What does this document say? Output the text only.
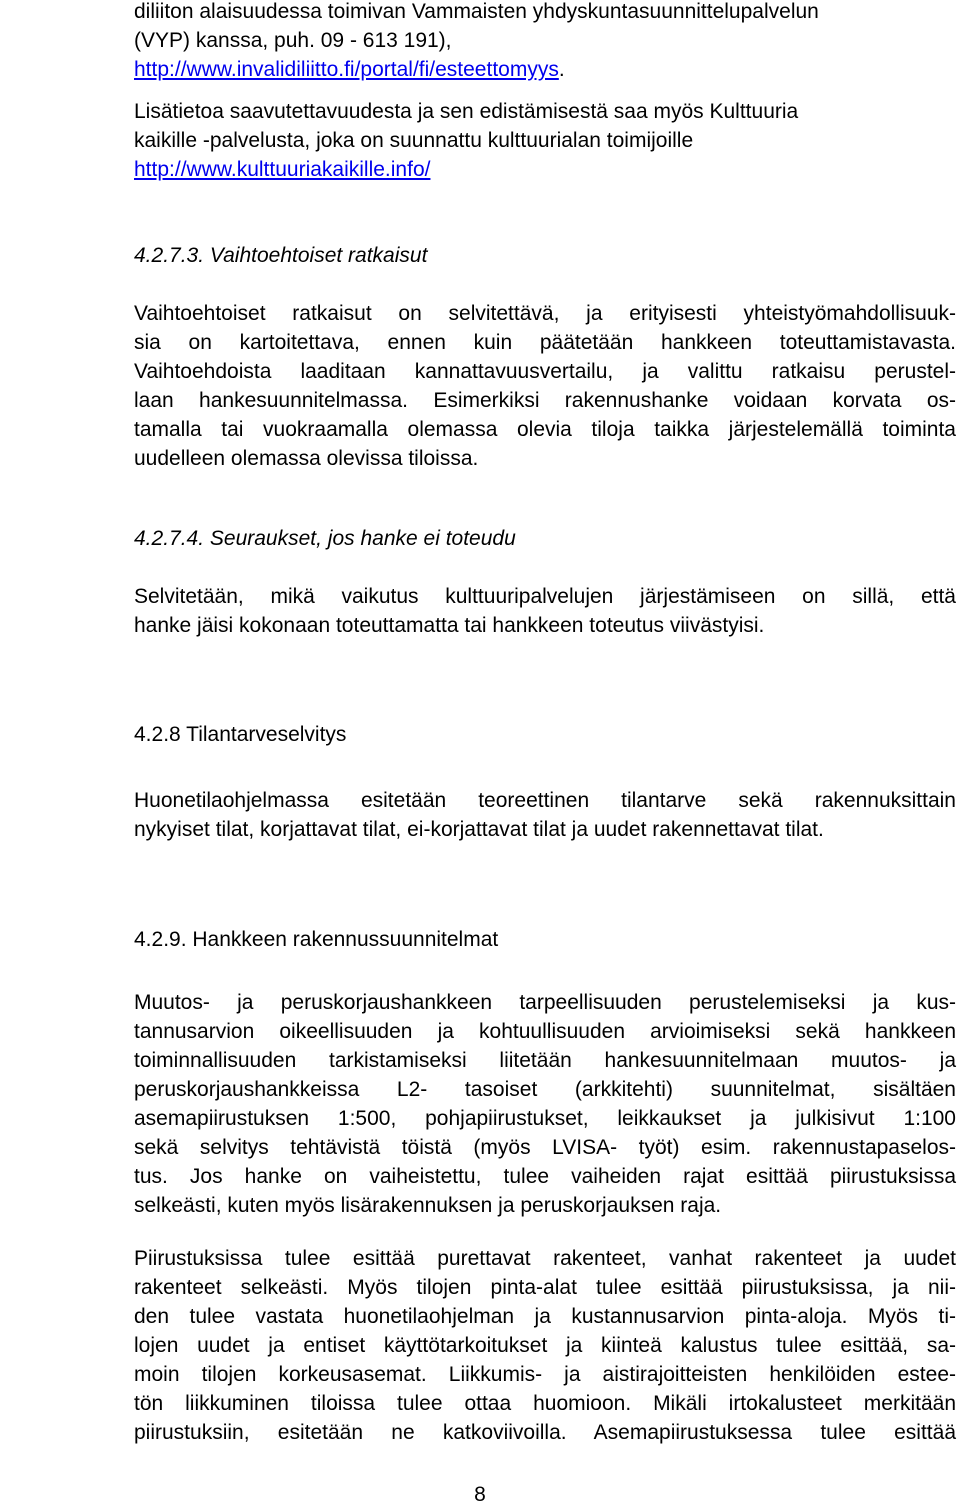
diliiton alaisuudessa toimivan Vammaisten yhdyskuntasuunnittelupalvelun
(VYP) kanssa, puh. 09 - 613 191),
http://www.invalidiliitto.fi/portal/fi/esteettomyys.
Lisätietoa saavutettavuudesta ja sen edistämisestä saa myös Kulttuuria
kaikille -palvelusta, joka on suunnattu kulttuurialan toimijoille
http://www.kulttuuriakaikille.info/
4.2.7.3. Vaihtoehtoiset ratkaisut
Vaihtoehtoiset ratkaisut on selvitettävä, ja erityisesti yhteistyömahdollisuuk-
sia on kartoitettava, ennen kuin päätetään hankkeen toteuttamistavasta.
Vaihtoehdoista laaditaan kannattavuusvertailu, ja valittu ratkaisu perustel-
laan hankesuunnitelmassa. Esimerkiksi rakennushanke voidaan korvata os-
tamalla tai vuokraamalla olemassa olevia tiloja taikka järjestelemällä toiminta
uudelleen olemassa olevissa tiloissa.
4.2.7.4. Seuraukset, jos hanke ei toteudu
Selvitetään, mikä vaikutus kulttuuripalvelujen järjestämiseen on sillä, että
hanke jäisi kokonaan toteuttamatta tai hankkeen toteutus viivästyisi.
4.2.8 Tilantarveselvitys
Huonetilaohjelmassa esitetään teoreettinen tilantarve sekä rakennuksittain
nykyiset tilat, korjattavat tilat, ei-korjattavat tilat ja uudet rakennettavat tilat.
4.2.9. Hankkeen rakennussuunnitelmat
Muutos- ja peruskorjaushankkeen tarpeellisuuden perustelemiseksi ja kus-
tannusarvion oikeellisuuden ja kohtuullisuuden arvioimiseksi sekä hankkeen
toiminnallisuuden tarkistamiseksi liitetään hankesuunnitelmaan muutos- ja
peruskorjaushankkeissa L2- tasoiset (arkkitehti) suunnitelmat, sisältäen
asemapiirustuksen 1:500, pohjapiirustukset, leikkaukset ja julkisivut 1:100
sekä selvitys tehtävistä töistä (myös LVISA- työt) esim. rakennustapaselos-
tus. Jos hanke on vaiheistettu, tulee vaiheiden rajat esittää piirustuksissa
selkeästi, kuten myös lisärakennuksen ja peruskorjauksen raja.
Piirustuksissa tulee esittää purettavat rakenteet, vanhat rakenteet ja uudet
rakenteet selkeästi. Myös tilojen pinta-alat tulee esittää piirustuksissa, ja nii-
den tulee vastata huonetilaohjelman ja kustannusarvion pinta-aloja. Myös ti-
lojen uudet ja entiset käyttötarkoitukset ja kiinteä kalustus tulee esittää, sa-
moin tilojen korkeusasemat. Liikkumis- ja aistirajoitteisten henkilöiden estee-
tön liikkuminen tiloissa tulee ottaa huomioon. Mikäli irtokalusteet merkitään
piirustuksiin, esitetään ne katkoviivoilla. Asemapiirustuksessa tulee esittää
8
